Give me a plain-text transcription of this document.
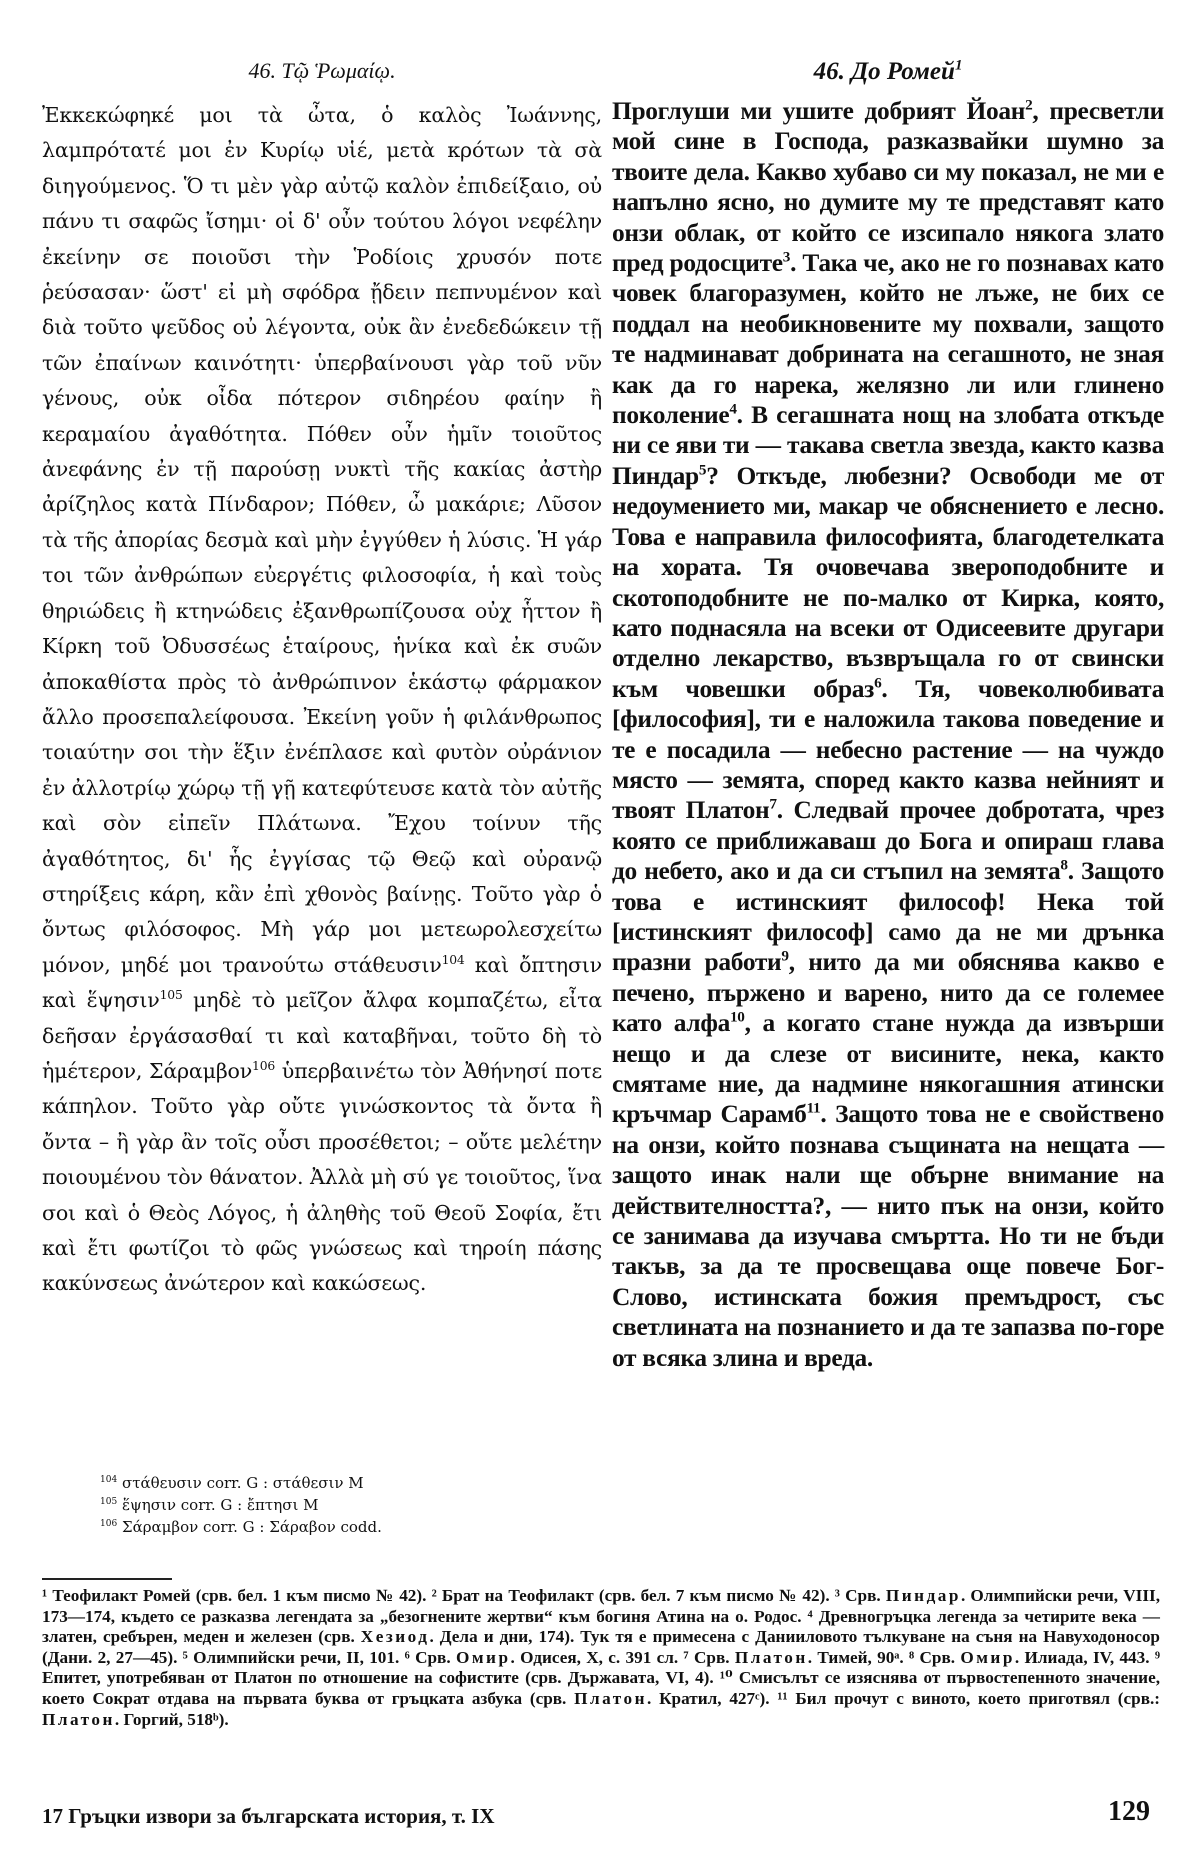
46. Τῷ Ῥωμαίῳ.

Ἐκκεκώφηκέ μοι τὰ ὦτα, ὁ καλὸς Ἰωάννης, λαμπρότατέ μοι ἐν Κυρίῳ υἱέ, μετὰ κρότων τὰ σὰ διηγούμενος. Ὅ τι μὲν γὰρ αὐτῷ καλὸν ἐπιδείξαιο, οὐ πάνυ τι σαφῶς ἴσημι· οἱ δ' οὖν τούτου λόγοι νεφέλην ἐκείνην σε ποιοῦσι τὴν Ῥοδίοις χρυσόν ποτε ῥεύσασαν· ὥστ' εἰ μὴ σφόδρα ᾔδειν πεπνυμένον καὶ διὰ τοῦτο ψεῦδος οὐ λέγοντα, οὐκ ἂν ἐνεδεδώκειν τῇ τῶν ἐπαίνων καινότητι· ὑπερβαίνουσι γὰρ τοῦ νῦν γένους, οὐκ οἶδα πότερον σιδηρέου φαίην ἢ κεραμαίου ἀγαθότητα. Πόθεν οὖν ἡμῖν τοιοῦτος ἀνεφάνης ἐν τῇ παρούσῃ νυκτὶ τῆς κακίας ἀστὴρ ἀρίζηλος κατὰ Πίνδαρον; Πόθεν, ὦ μακάριε; Λῦσον τὰ τῆς ἀπορίας δεσμὰ καὶ μὴν ἐγγύθεν ἡ λύσις. Ἡ γάρ τοι τῶν ἀνθρώπων εὐεργέτις φιλοσοφία, ἡ καὶ τοὺς θηριώδεις ἢ κτηνώδεις ἐξανθρωπίζουσα οὐχ ἧττον ἢ Κίρκη τοῦ Ὀδυσσέως ἑταίρους, ἡνίκα καὶ ἐκ συῶν ἀποκαθίστα πρὸς τὸ ἀνθρώπινον ἑκάστῳ φάρμακον ἄλλο προσεπαλείφουσα. Ἐκείνη γοῦν ἡ φιλάνθρωπος τοιαύτην σοι τὴν ἕξιν ἐνέπλασε καὶ φυτὸν οὐράνιον ἐν ἀλλοτρίῳ χώρῳ τῇ γῇ κατεφύτευσε κατὰ τὸν αὐτῆς καὶ σὸν εἰπεῖν Πλάτωνα. Ἔχου τοίνυν τῆς ἀγαθότητος, δι' ἧς ἐγγίσας τῷ Θεῷ καὶ οὐρανῷ στηρίξεις κάρη, κἂν ἐπὶ χθονὸς βαίνῃς. Τοῦτο γὰρ ὁ ὄντως φιλόσοφος. Μὴ γάρ μοι μετεωρολεσχείτω μόνον, μηδέ μοι τρανούτω στάθευσιν$^{104}$ καὶ ὄπτησιν καὶ ἕψησιν$^{105}$ μηδὲ τὸ μεῖζον ἄλφα κομπαζέτω, εἶτα δεῆσαν ἐργάσασθαί τι καὶ καταβῆναι, τοῦτο δὴ τὸ ἡμέτερον, Σάραμβον$^{106}$ ὑπερβαινέτω τὸν Ἀθήνησί ποτε κάπηλον. Τοῦτο γὰρ οὔτε γινώσκοντος τὰ ὄντα ἢ ὄντα – ἢ γὰρ ἂν τοῖς οὖσι προσέθετοι; – οὔτε μελέτην ποιουμένου τὸν θάνατον. Ἀλλὰ μὴ σύ γε τοιοῦτος, ἵνα σοι καὶ ὁ Θεὸς Λόγος, ἡ ἀληθὴς τοῦ Θεοῦ Σοφία, ἔτι καὶ ἔτι φωτίζοι τὸ φῶς γνώσεως καὶ τηροίη πάσης κακύνσεως ἀνώτερον καὶ κακώσεως.

46. До Ромей$^1$

Проглуши ми ушите добрият Йоан$^2$, пресветли мой сине в Господа, разказвайки шумно за твоите дела. Какво хубаво си му показал, не ми е напълно ясно, но думите му те представят като онзи облак, от който се изсипало някога злато пред родосците$^3$. Така че, ако не го познавах като човек благоразумен, който не лъже, не бих се поддал на необикновените му похвали, защото те надминават добрината на сегашното, не зная как да го нарека, желязно ли или глинено поколение$^4$. В сегашната нощ на злобата откъде ни се яви ти — такава светла звезда, както казва Пиндар$^5$? Откъде, любезни? Освободи ме от недоумението ми, макар че обяснението е лесно. Това е направила философията, благодетелката на хората. Тя очовечава звероподобните и скотоподобните не по-малко от Кирка, която, като поднасяла на всеки от Одисеевите другари отделно лекарство, възвръщала го от свински към човешки образ$^6$. Тя, човеколюбивата [философия], ти е наложила такова поведение и те е посадила — небесно растение — на чуждо място — земята, според както казва нейният и твоят Платон$^7$. Следвай прочее добротата, чрез която се приближаваш до Бога и опираш глава до небето, ако и да си стъпил на земята$^8$. Защото това е истинският философ! Нека той [истинският философ] само да не ми дрънка празни работи$^9$, нито да ми обяснява какво е печено, пържено и варено, нито да се големее като алфа$^{10}$, а когато стане нужда да извърши нещо и да слезе от висините, нека, както смятаме ние, да надмине някогашния атински кръчмар Сарамб$^{11}$. Защото това не е свойствено на онзи, който познава същината на нещата — защото инак нали ще обърне внимание на действителността?, — нито пък на онзи, който се занимава да изучава смъртта. Но ти не бъди такъв, за да те просвещава още повече Бог-Слово, истинската божия премъдрост, със светлината на познанието и да те запазва по-горе от всяка злина и вреда.

$^{104}$ στάθευσιν corr. G : στάθεσιν M
$^{105}$ ἕψησιν corr. G : ἔπτησι M
$^{106}$ Σάραμβον corr. G : Σάραβον codd.
¹ Теофилакт Ромей (срв. бел. 1 към писмо № 42). ² Брат на Теофилакт (срв. бел. 7 към писмо № 42). ³ Срв. Пиндар. Олимпийски речи, VIII, 173—174, където се разказва легендата за „безогнените жертви“ към богиня Атина на о. Родос. ⁴ Древногръцка легенда за четирите века — златен, сребърен, меден и железен (срв. Хезиод. Дела и дни, 174). Тук тя е примесена с Данииловото тълкуване на съня на Навуходоносор (Дани. 2, 27—45). ⁵ Олимпийски речи, II, 101. ⁶ Срв. Омир. Одисея, X, с. 391 сл. ⁷ Срв. Платон. Тимей, 90ᵃ. ⁸ Срв. Омир. Илиада, IV, 443. ⁹ Епитет, употребяван от Платон по отношение на софистите (срв. Държавата, VI, 4). ¹⁰ Смисълът се изяснява от първостепенното значение, което Сократ отдава на първата буква от гръцката азбука (срв. Платон. Кратил, 427ᶜ). ¹¹ Бил прочут с виното, което приготвял (срв.: Платон. Горгий, 518ᵇ).
17 Гръцки извори за българската история, т. IX	129
